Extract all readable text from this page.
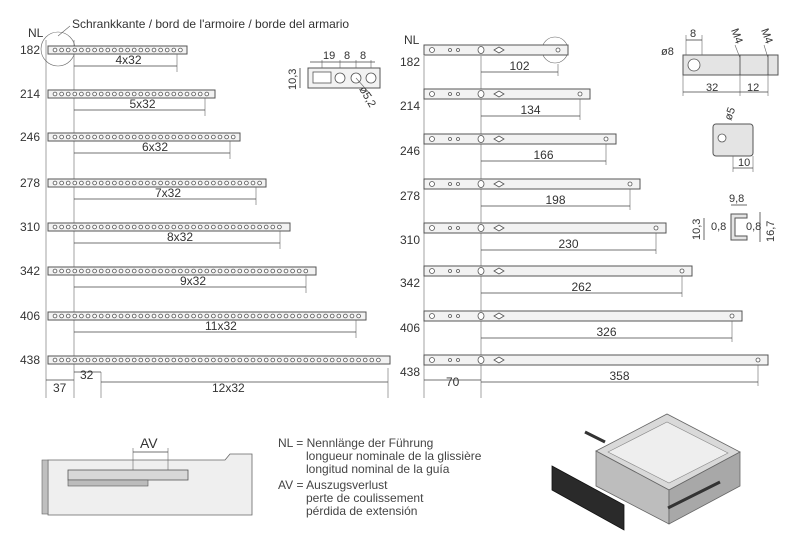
NL
Schrankkante / bord de l'armoire / borde del armario
182
4x32
214
5x32
246
6x32
278
7x32
310
8x32
342
9x32
406
11x32
438
12x32
37
32
19 8 8
10,3
ø5,2
NL
182	102
214	134
246	166
278	198
310	230
342	262
406	326
438	358
70
8	M4 M4
ø8
32	12
ø5
10
9,8
10,3	16,7
0,8 0,8
AV	NL = Nennlänge der Führung
longueur nominale de la glissière
longitud nominal de la guía
AV = Auszugsverlust
perte de coulissement
pérdida de extensión
